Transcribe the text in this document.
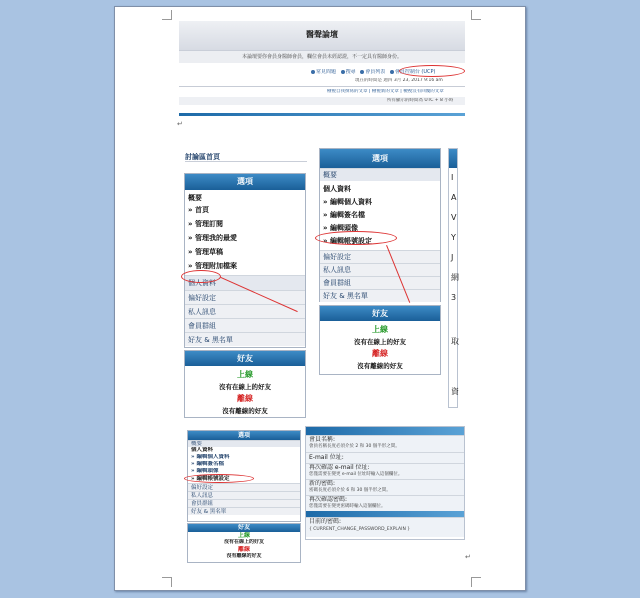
醫聲論壇
本論壇要你會員身醫師會員，欄位會員未經認證，不一定具有醫師身份。
常見問題 搜尋 會員列表 會員控制台 (UCP)
現在的時間是 週四 3月 23, 2017 9:16 am
檢視自我撰寫的文章 | 檢視新的文章 | 檢視沒有回覆的文章
所有顯示的時間為 UTC + 8 小時
↵
討論區首頁
選項
概要
» 首頁
» 管理訂閱
» 管理我的最愛
» 管理草稿
» 管理附加檔案
個人資料
偏好設定
私人訊息
會員群組
好友 & 黑名單
好友
上線
沒有在線上的好友
離線
沒有離線的好友
選項
概要
個人資料
» 編輯個人資料
» 編輯簽名檔
» 編輯頭像
» 編輯帳號設定
偏好設定
私人訊息
會員群組
好友 & 黑名單
好友
上線
沒有在線上的好友
離線
沒有離線的好友
I
A
V
Y
J
網
3
取
資
選項
概要
個人資料
» 編輯個人資料
» 編輯簽名檔
» 編輯頭像
» 編輯帳號設定
偏好設定
私人訊息
會員群組
好友 & 黑名單
好友
上線
沒有在線上的好友
離線
沒有離線的好友
會員名稱:
會員名稱長度必須介於 2 和 30 個半形之間。
E-mail 位址:
再次確認 e-mail 位址:
您僅需要在變更 e-mail 位址時輸入這個欄位。
新的密碼:
密碼長度必須介於 6 和 30 個半形之間。
再次確認密碼:
您僅需要在變更密碼時輸入這個欄位。
目前的密碼:
{ CURRENT_CHANGE_PASSWORD_EXPLAIN }
↵
